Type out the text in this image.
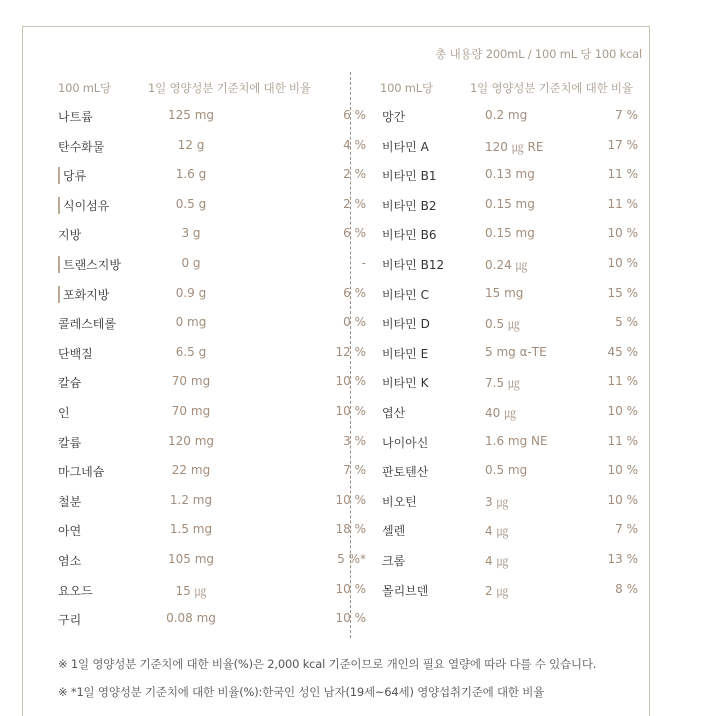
총 내용량 200mL / 100 mL 당 100 kcal
100 mL당	1일 영양성분 기준치에 대한 비율	100 mL당	1일 영양성분 기준치에 대한 비율
나트륨	125 mg	6 %
탄수화물	12 g	4 %
당류	1.6 g	2 %
식이섬유	0.5 g	2 %
지방	3 g	6 %
트랜스지방	0 g	-
포화지방	0.9 g	6 %
콜레스테롤	0 mg	0 %
단백질	6.5 g	12 %
칼슘	70 mg	10 %
인	70 mg	10 %
칼륨	120 mg	3 %
마그네슘	22 mg	7 %
철분	1.2 mg	10 %
아연	1.5 mg	18 %
염소	105 mg	5 %*
요오드	15 ㎍	10 %
구리	0.08 mg	10 %
망간	0.2 mg	7 %
비타민 A	120 ㎍ RE	17 %
비타민 B1	0.13 mg	11 %
비타민 B2	0.15 mg	11 %
비타민 B6	0.15 mg	10 %
비타민 B12	0.24 ㎍	10 %
비타민 C	15 mg	15 %
비타민 D	0.5 ㎍	5 %
비타민 E	5 mg α-TE	45 %
비타민 K	7.5 ㎍	11 %
엽산	40 ㎍	10 %
나이아신	1.6 mg NE	11 %
판토텐산	0.5 mg	10 %
비오틴	3 ㎍	10 %
셀렌	4 ㎍	7 %
크롬	4 ㎍	13 %
몰리브덴	2 ㎍	8 %
※ 1일 영양성분 기준치에 대한 비율(%)은 2,000 kcal 기준이므로 개인의 필요 열량에 따라 다를 수 있습니다.
※ *1일 영양성분 기준치에 대한 비율(%):한국인 성인 남자(19세~64세) 영양섭취기준에 대한 비율
